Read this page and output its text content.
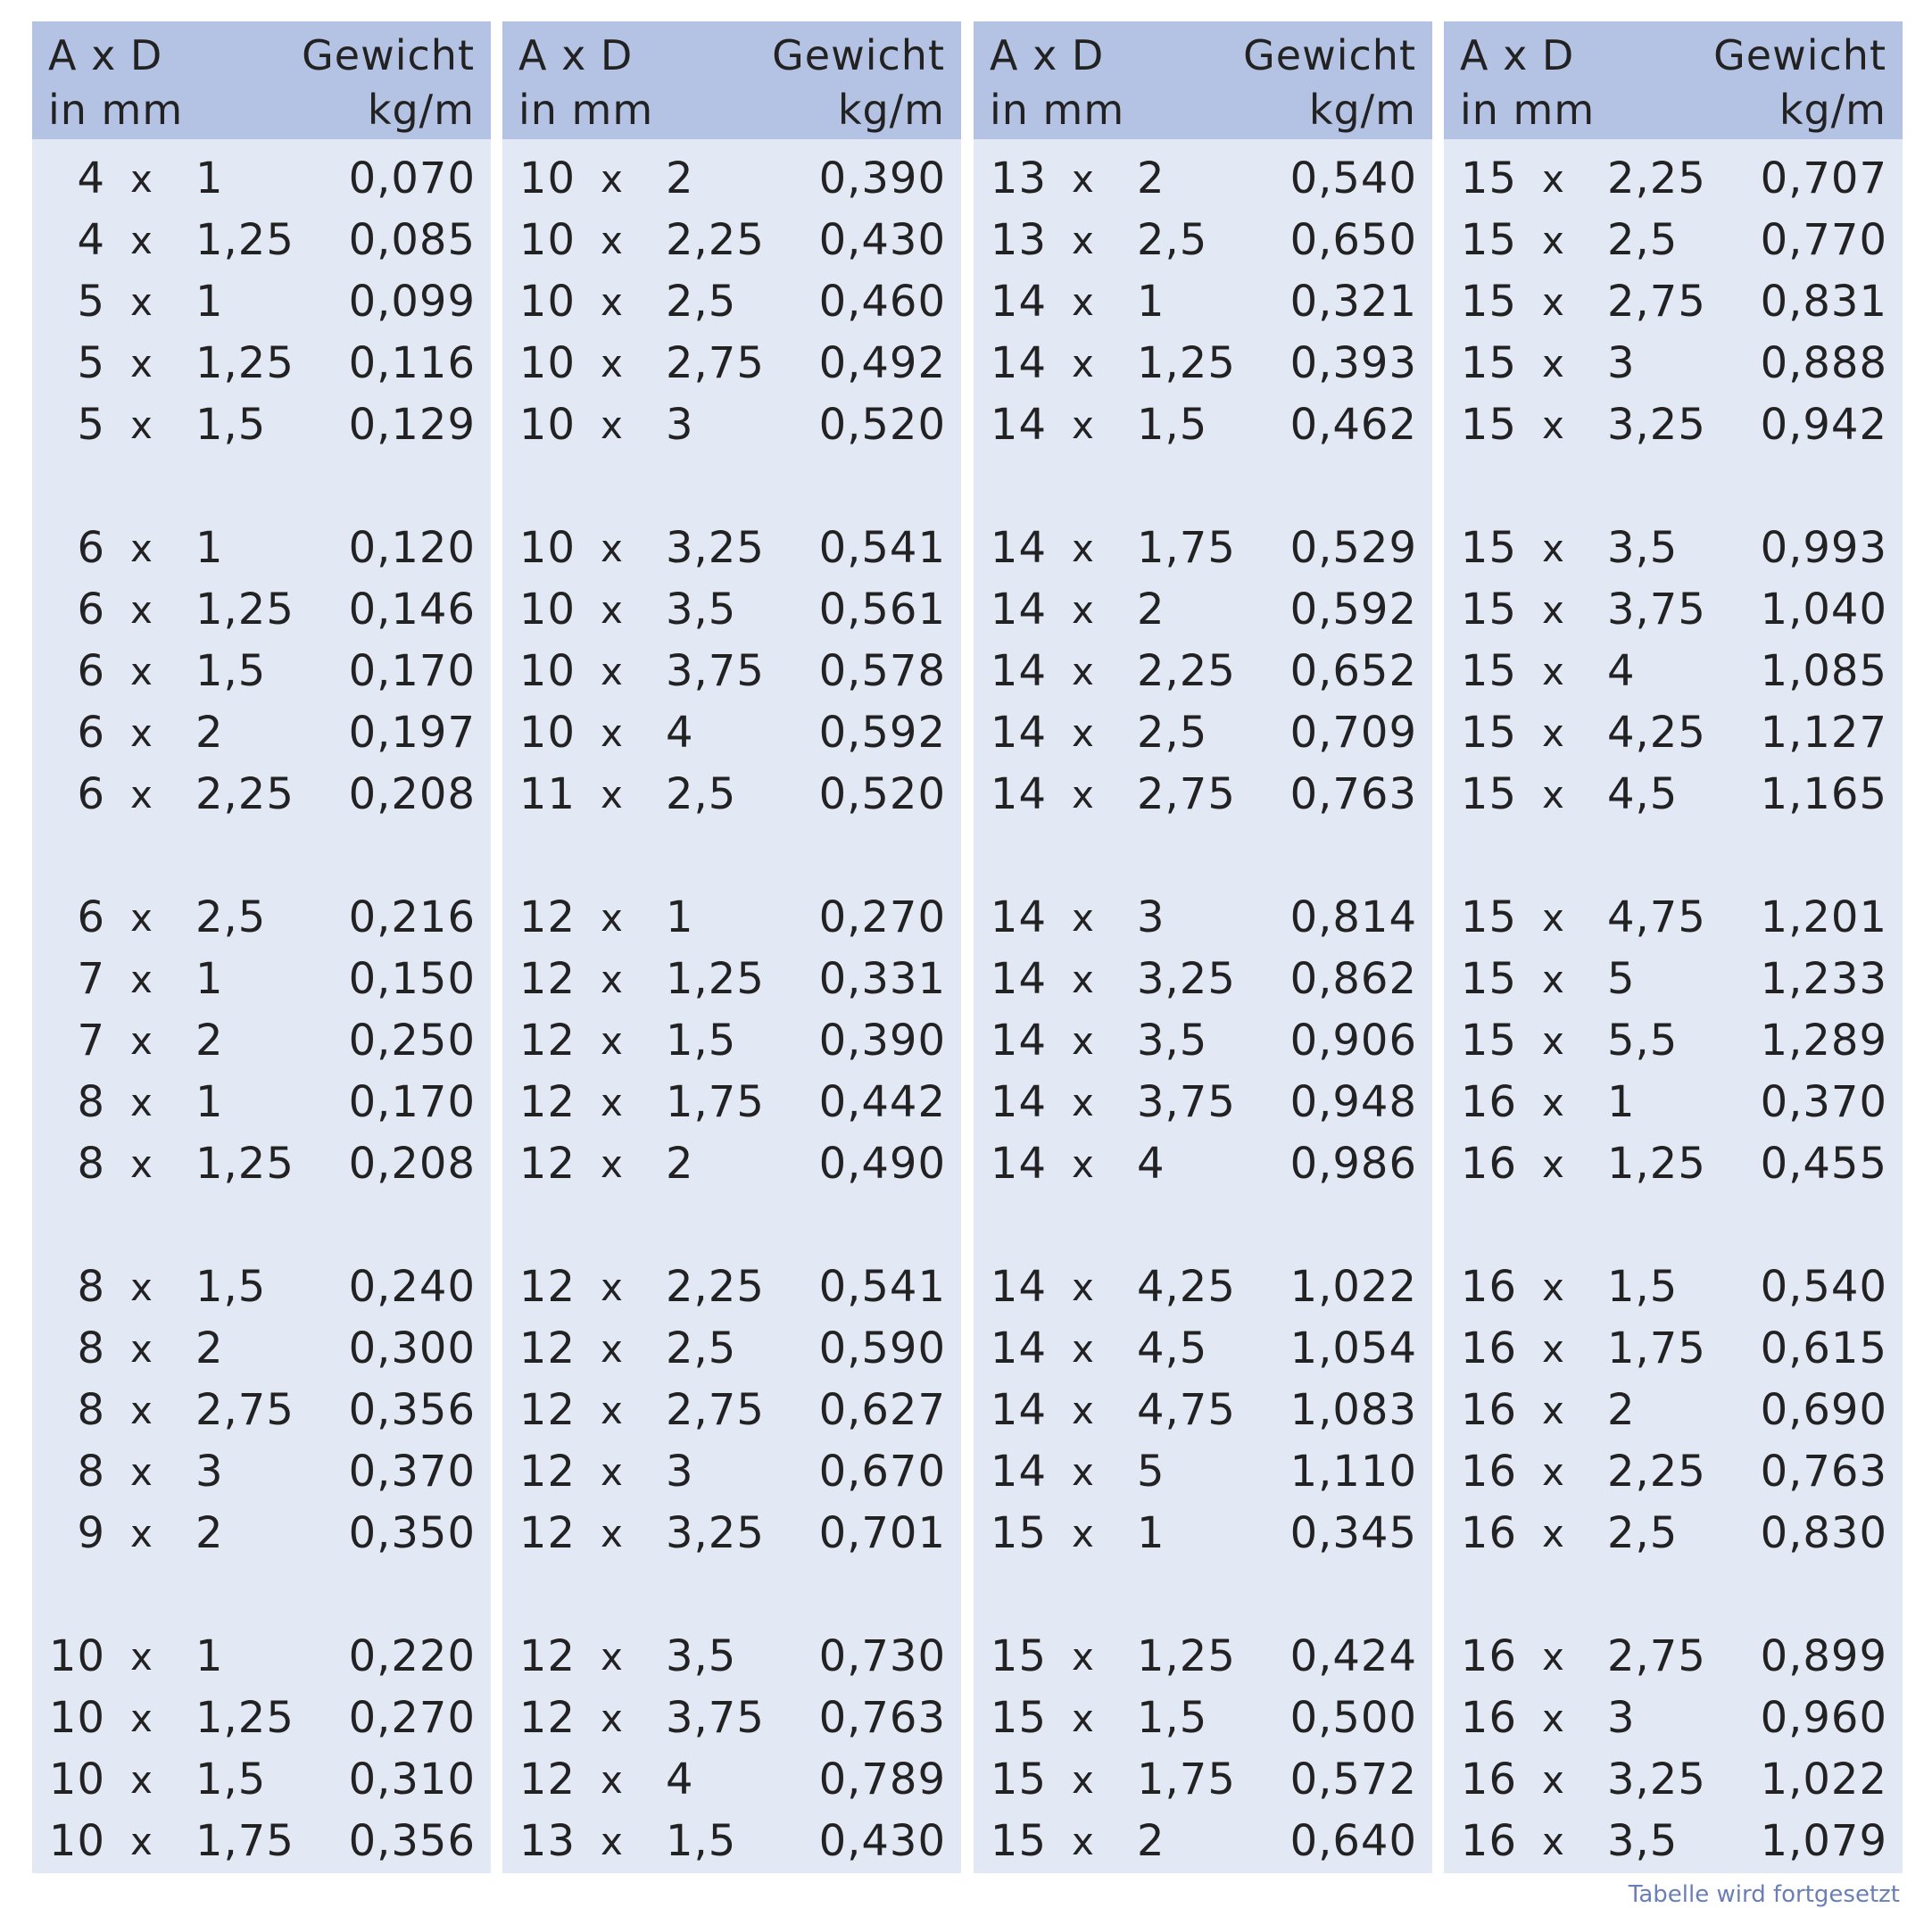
A x D
in mm
Gewicht
kg/m
4 x 1	0,070
4 x 1,25 0,085
5 x 1	0,099
5 x 1,25 0,116
5 x 1,5 0,129
6 x 1	0,120
6 x 1,25 0,146
6 x 1,5 0,170
6 x 2	0,197
6 x 2,25 0,208
6 x 2,5 0,216
7 x 1	0,150
7 x 2	0,250
8 x 1	0,170
8 x 1,25 0,208
8 x 1,5 0,240
8 x 2	0,300
8 x 2,75 0,356
8 x 3	0,370
9 x 2	0,350
10 x 1	0,220
10 x 1,25 0,270
10 x 1,5 0,310
10 x 1,75 0,356
A x D
in mm
Gewicht
kg/m
10 x 2	0,390
10 x 2,25 0,430
10 x 2,5 0,460
10 x 2,75 0,492
10 x 3	0,520
10 x 3,25 0,541
10 x 3,5 0,561
10 x 3,75 0,578
10 x 4	0,592
11 x 2,5 0,520
12 x 1	0,270
12 x 1,25 0,331
12 x 1,5 0,390
12 x 1,75 0,442
12 x 2	0,490
12 x 2,25 0,541
12 x 2,5 0,590
12 x 2,75 0,627
12 x 3	0,670
12 x 3,25 0,701
12 x 3,5 0,730
12 x 3,75 0,763
12 x 4	0,789
13 x 1,5 0,430
A x D
in mm
Gewicht
kg/m
13 x 2	0,540
13 x 2,5 0,650
14 x 1	0,321
14 x 1,25 0,393
14 x 1,5 0,462
14 x 1,75 0,529
14 x 2	0,592
14 x 2,25 0,652
14 x 2,5 0,709
14 x 2,75 0,763
14 x 3	0,814
14 x 3,25 0,862
14 x 3,5 0,906
14 x 3,75 0,948
14 x 4	0,986
14 x 4,25 1,022
14 x 4,5 1,054
14 x 4,75 1,083
14 x 5	1,110
15 x 1	0,345
15 x 1,25 0,424
15 x 1,5 0,500
15 x 1,75 0,572
15 x 2	0,640
A x D
in mm
Gewicht
kg/m
15 x 2,25 0,707
15 x 2,5 0,770
15 x 2,75 0,831
15 x 3	0,888
15 x 3,25 0,942
15 x 3,5 0,993
15 x 3,75 1,040
15 x 4	1,085
15 x 4,25 1,127
15 x 4,5 1,165
15 x 4,75 1,201
15 x 5	1,233
15 x 5,5 1,289
16 x 1	0,370
16 x 1,25 0,455
16 x 1,5 0,540
16 x 1,75 0,615
16 x 2	0,690
16 x 2,25 0,763
16 x 2,5 0,830
16 x 2,75 0,899
16 x 3	0,960
16 x 3,25 1,022
16 x 3,5 1,079
Tabelle wird fortgesetzt
